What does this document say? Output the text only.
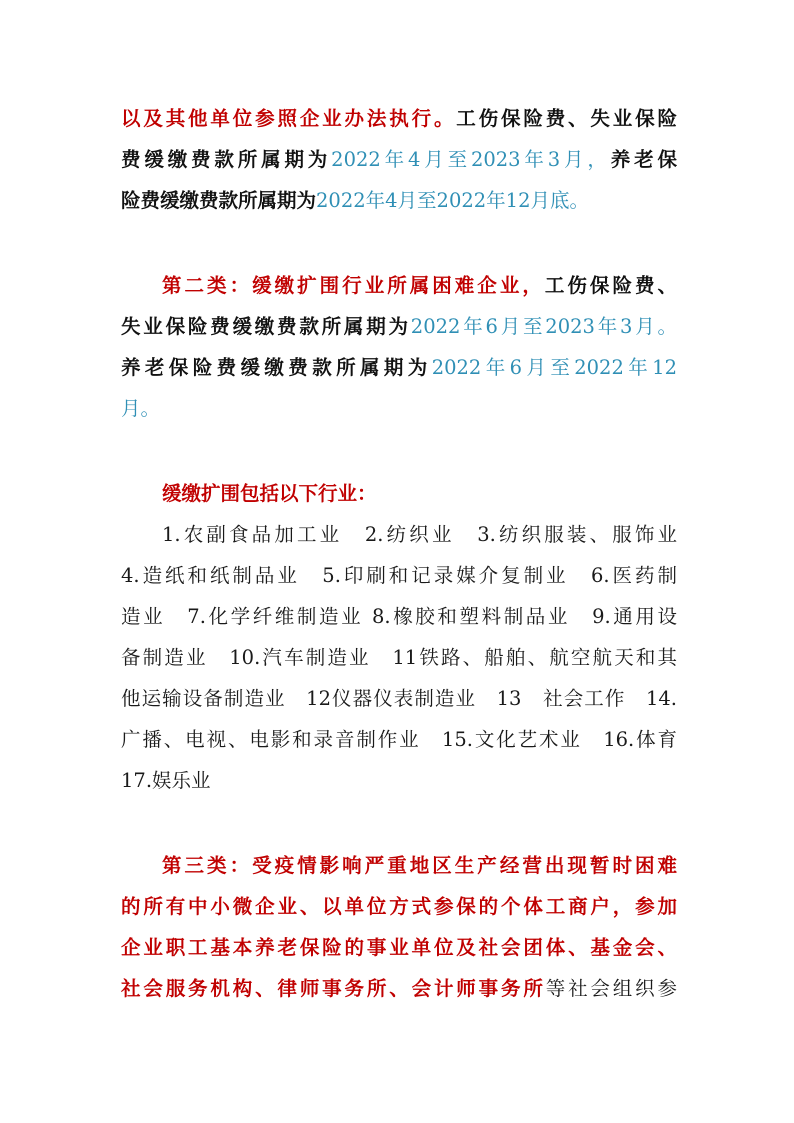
以及其他单位参照企业办法执行。工伤保险费、失业保险
费缓缴费款所属期为2022年4月至2023年3月，养老保
险费缓缴费款所属期为2022年4月至2022年12月底。
第二类：缓缴扩围行业所属困难企业，工伤保险费、
失业保险费缓缴费款所属期为2022年6月至2023年3月。
养老保险费缓缴费款所属期为2022年6月至2022年12
月。
缓缴扩围包括以下行业：
1.农副食品加工业　2.纺织业　3.纺织服装、服饰业
4.造纸和纸制品业　5.印刷和记录媒介复制业　6.医药制
造业　7.化学纤维制造业 8.橡胶和塑料制品业　9.通用设
备制造业　10.汽车制造业　11铁路、船舶、航空航天和其
他运输设备制造业　12仪器仪表制造业　13　社会工作　14.
广播、电视、电影和录音制作业　15.文化艺术业　16.体育
17.娱乐业
第三类：受疫情影响严重地区生产经营出现暂时困难
的所有中小微企业、以单位方式参保的个体工商户，参加
企业职工基本养老保险的事业单位及社会团体、基金会、
社会服务机构、律师事务所、会计师事务所等社会组织参
